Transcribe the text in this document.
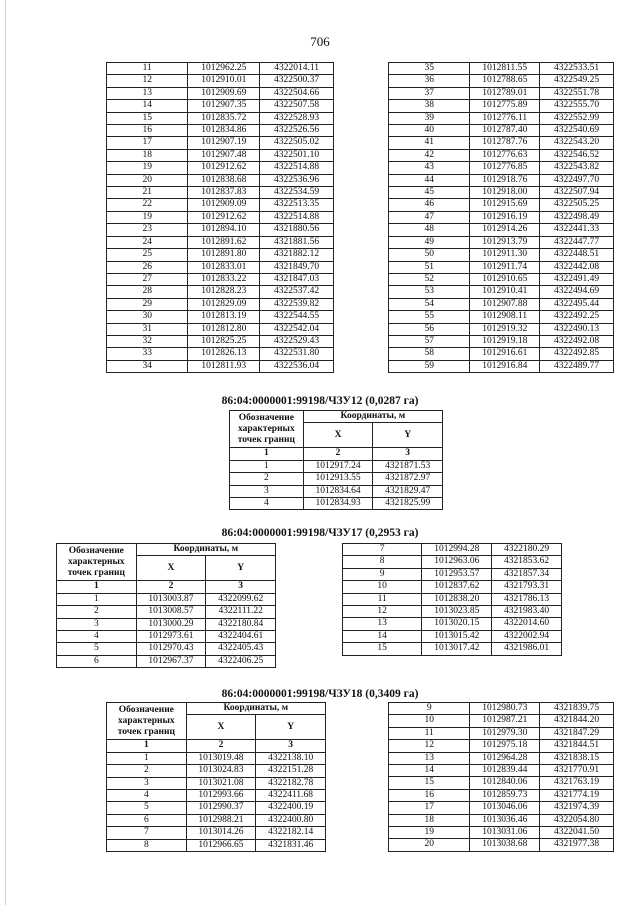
706
11	1012962.25	4322014.11
12	1012910.01	4322500.37
13	1012909.69	4322504.66
14	1012907.35	4322507.58
15	1012835.72	4322528.93
16	1012834.86	4322526.56
17	1012907.19	4322505.02
18	1012907.48	4322501.10
19	1012912.62	4322514.88
20	1012838.68	4322536.96
21	1012837.83	4322534.59
22	1012909.09	4322513.35
19	1012912.62	4322514.88
23	1012894.10	4321880.56
24	1012891.62	4321881.56
25	1012891.80	4321882.12
26	1012833.01	4321849.70
27	1012833.22	4321847.03
28	1012828.23	4322537.42
29	1012829.09	4322539.82
30	1012813.19	4322544.55
31	1012812.80	4322542.04
32	1012825.25	4322529.43
33	1012826.13	4322531.80
34	1012811.93	4322536.04
35	1012811.55	4322533.51
36	1012788.65	4322549.25
37	1012789.01	4322551.78
38	1012775.89	4322555.70
39	1012776.11	4322552.99
40	1012787.40	4322540.69
41	1012787.76	4322543.20
42	1012776.63	4322546.52
43	1012776.85	4322543.82
44	1012918.76	4322497.70
45	1012918.00	4322507.94
46	1012915.69	4322505.25
47	1012916.19	4322498.49
48	1012914.26	4322441.33
49	1012913.79	4322447.77
50	1012911.30	4322448.51
51	1012911.74	4322442.08
52	1012910.65	4322491.49
53	1012910.41	4322494.69
54	1012907.88	4322495.44
55	1012908.11	4322492.25
56	1012919.32	4322490.13
57	1012919.18	4322492.08
58	1012916.61	4322492.85
59	1012916.84	4322489.77
86:04:0000001:99198/ЧЗУ12 (0,0287 га)
Обозначение характерных точек границ	Координаты, м	
	X	Y
1	2	3
1	1012917.24	4321871.53
2	1012913.55	4321872.97
3	1012834.64	4321829.47
4	1012834.93	4321825.99
86:04:0000001:99198/ЧЗУ17 (0,2953 га)
Обозначение характерных точек границ	Координаты, м	
	X	Y
1	2	3
1	1013003.87	4322099.62
2	1013008.57	4322111.22
3	1013000.29	4322180.84
4	1012973.61	4322404.61
5	1012970.43	4322405.43
6	1012967.37	4322406.25
7	1012994.28	4322180.29
8	1012963.06	4321853.62
9	1012953.57	4321857.34
10	1012837.62	4321793.31
11	1012838.20	4321786.13
12	1013023.85	4321983.40
13	1013020.15	4322014.60
14	1013015.42	4322002.94
15	1013017.42	4321986.01
86:04:0000001:99198/ЧЗУ18 (0,3409 га)
Обозначение характерных точек границ	Координаты, м	
	X	Y
1	2	3
1	1013019.48	4322138.10
2	1013024.83	4322151.28
3	1013021.08	4322182.78
4	1012993.66	4322411.68
5	1012990.37	4322400.19
6	1012988.21	4322400.80
7	1013014.26	4322182.14
8	1012966.65	4321831.46
9	1012980.73	4321839.75
10	1012987.21	4321844.20
11	1012979.30	4321847.29
12	1012975.18	4321844.51
13	1012964.28	4321838.15
14	1012839.44	4321770.91
15	1012840.06	4321763.19
16	1012859.73	4321774.19
17	1013046.06	4321974.39
18	1013036.46	4322054.80
19	1013031.06	4322041.50
20	1013038.68	4321977.38
